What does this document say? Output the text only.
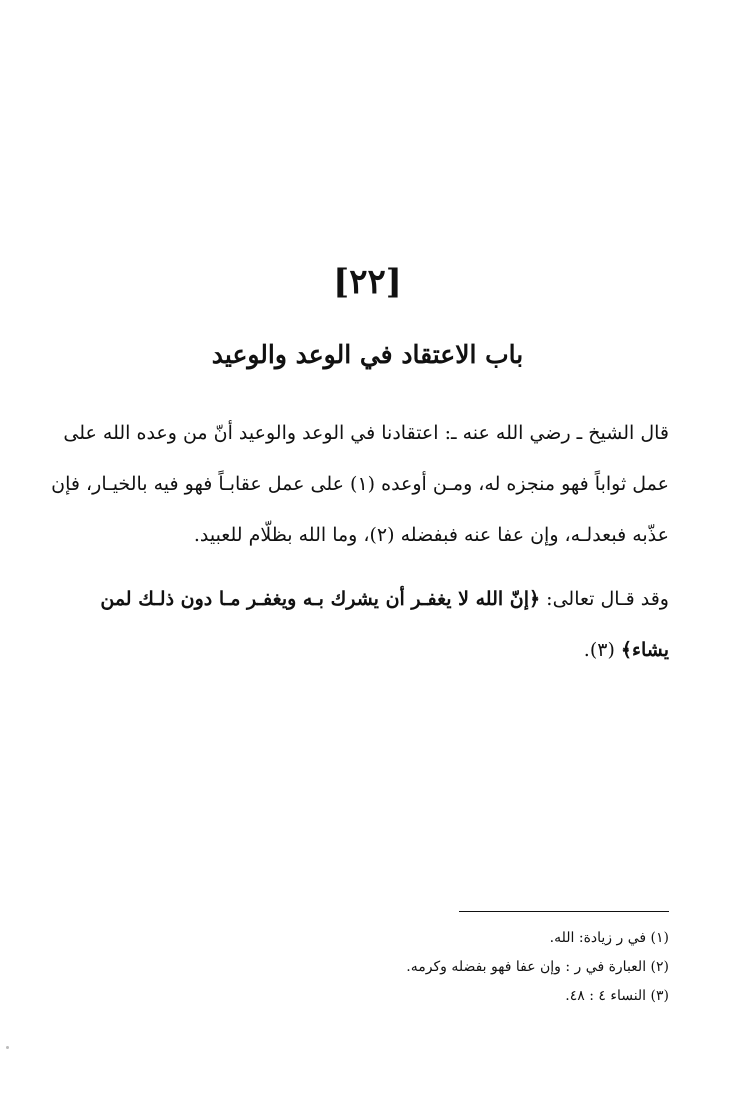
[٢٢]
باب الاعتقاد في الوعد والوعيد
قال الشيخ ـ رضي الله عنه ـ: اعتقادنا في الوعد والوعيد أنّ من وعده الله على
عمل ثواباً فهو منجزه له، ومـن أوعده (١) على عمل عقابـاً فهو فيه بالخيـار، فإن
عذّبه فبعدلـه، وإن عفا عنه فبفضله (٢)، وما الله بظلّام للعبيد.
وقد قـال تعالى: ﴿إنّ الله لا يغفـر أن يشرك بـه ويغفـر مـا دون ذلـك لمن
يشاء﴾ (٣).
(١) في ر زيادة: الله.
(٢) العبارة في ر : وإن عفا فهو بفضله وكرمه.
(٣) النساء ٤ : ٤٨.
